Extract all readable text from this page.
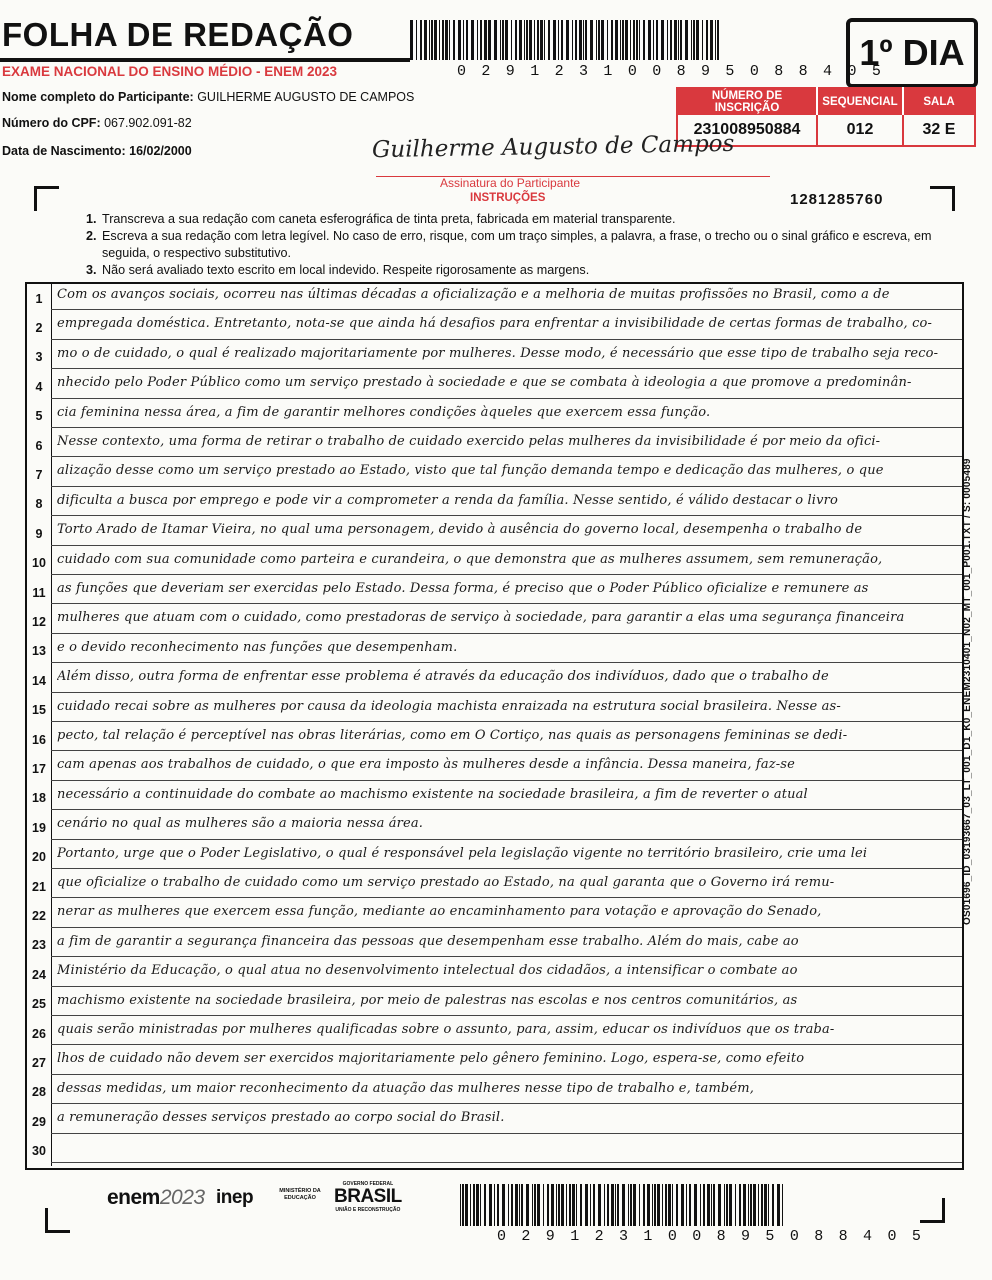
FOLHA DE REDAÇÃO

EXAME NACIONAL DO ENSINO MÉDIO - ENEM 2023	0 2 9 1 2 3 1 0 0 8 9 5 0 8 8 4 0 5
1º DIA
Nome completo do Participante: GUILHERME AUGUSTO DE CAMPOS
Número do CPF: 067.902.091-82
Data de Nascimento: 16/02/2000
NÚMERO DE INSCRIÇÃO	SEQUENCIAL	SALA
231008950884	012	32 E
Guilherme Augusto de Campos
Assinatura do Participante
INSTRUÇÕES	1281285760
1. Transcreva a sua redação com caneta esferográfica de tinta preta, fabricada em material transparente.
2. Escreva a sua redação com letra legível. No caso de erro, risque, com um traço simples, a palavra, a frase, o trecho ou o sinal gráfico e escreva, em seguida, o respectivo substitutivo.
3. Não será avaliado texto escrito em local indevido. Respeite rigorosamente as margens.
1	Com os avanços sociais, ocorreu nas últimas décadas a oficialização e a melhoria de muitas profissões no Brasil, como a de
2	empregada doméstica. Entretanto, nota-se que ainda há desafios para enfrentar a invisibilidade de certas formas de trabalho, co-
3	mo o de cuidado, o qual é realizado majoritariamente por mulheres. Desse modo, é necessário que esse tipo de trabalho seja reco-
4	nhecido pelo Poder Público como um serviço prestado à sociedade e que se combata à ideologia a que promove a predominân-
5	cia feminina nessa área, a fim de garantir melhores condições àqueles que exercem essa função.
6	Nesse contexto, uma forma de retirar o trabalho de cuidado exercido pelas mulheres da invisibilidade é por meio da ofici-
7	alização desse como um serviço prestado ao Estado, visto que tal função demanda tempo e dedicação das mulheres, o que
8	dificulta a busca por emprego e pode vir a comprometer a renda da família. Nesse sentido, é válido destacar o livro
9	Torto Arado de Itamar Vieira, no qual uma personagem, devido à ausência do governo local, desempenha o trabalho de
10 cuidado com sua comunidade como parteira e curandeira, o que demonstra que as mulheres assumem, sem remuneração,
11 as funções que deveriam ser exercidas pelo Estado. Dessa forma, é preciso que o Poder Público oficialize e remunere as
12 mulheres que atuam com o cuidado, como prestadoras de serviço à sociedade, para garantir a elas uma segurança financeira
13 e o devido reconhecimento nas funções que desempenham.
14 Além disso, outra forma de enfrentar esse problema é através da educação dos indivíduos, dado que o trabalho de
15 cuidado recai sobre as mulheres por causa da ideologia machista enraizada na estrutura social brasileira. Nesse as-
16 pecto, tal relação é perceptível nas obras literárias, como em O Cortiço, nas quais as personagens femininas se dedi-
17 cam apenas aos trabalhos de cuidado, o que era imposto às mulheres desde a infância. Dessa maneira, faz-se
18 necessário a continuidade do combate ao machismo existente na sociedade brasileira, a fim de reverter o atual
19 cenário no qual as mulheres são a maioria nessa área.
20 Portanto, urge que o Poder Legislativo, o qual é responsável pela legislação vigente no território brasileiro, crie uma lei
21 que oficialize o trabalho de cuidado como um serviço prestado ao Estado, na qual garanta que o Governo irá remu-
22 nerar as mulheres que exercem essa função, mediante ao encaminhamento para votação e aprovação do Senado,
23 a fim de garantir a segurança financeira das pessoas que desempenham esse trabalho. Além do mais, cabe ao
24 Ministério da Educação, o qual atua no desenvolvimento intelectual dos cidadãos, a intensificar o combate ao
25 machismo existente na sociedade brasileira, por meio de palestras nas escolas e nos centros comunitários, as
26 quais serão ministradas por mulheres qualificadas sobre o assunto, para, assim, educar os indivíduos que os traba-
27 lhos de cuidado não devem ser exercidos majoritariamente pelo gênero feminino. Logo, espera-se, como efeito
28 dessas medidas, um maior reconhecimento da atuação das mulheres nesse tipo de trabalho e, também,
29 a remuneração desses serviços prestado ao corpo social do Brasil.
30
OS01696_ID_03193667_03_LT_001_D1_K0_ENEM2310401_N02_MT_001_P001.TXT / S: 0005489
enem2023 inep	MINISTÉRIO DA EDUCAÇÃO
GOVERNO FEDERAL
BRASIL
UNIÃO E RECONSTRUÇÃO
0 2 9 1 2 3 1 0 0 8 9 5 0 8 8 4 0 5
